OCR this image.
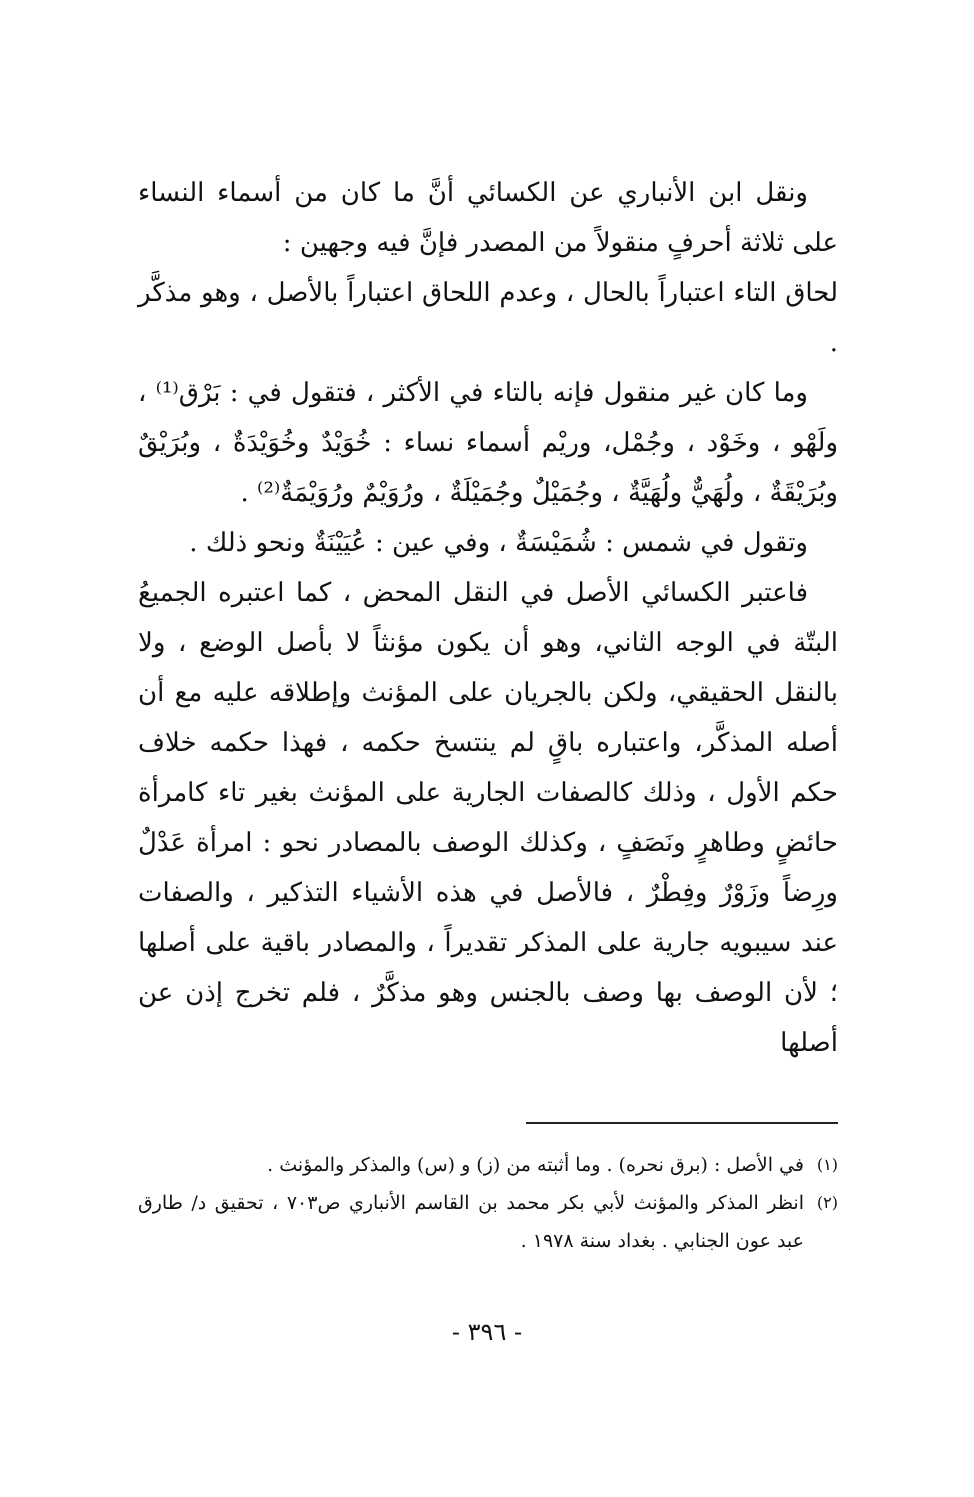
ونقل ابن الأنباري عن الكسائي أنَّ ما كان من أسماء النساء على ثلاثة أحرفٍ منقولاً من المصدر فإنَّ فيه وجهين :

لحاق التاء اعتباراً بالحال ، وعدم اللحاق اعتباراً بالأصل ، وهو مذكَّر .

وما كان غير منقول فإنه بالتاء في الأكثر ، فتقول في : بَرْق⁽¹⁾ ، ولَهْو ، وخَوْد ، وجُمْل، وريْم أسماء نساء : خُوَيْدٌ وخُوَيْدَةٌ ، وبُرَيْقٌ وبُرَيْقَةٌ ، ولُهَيٌّ ولُهَيَّةٌ ، وجُمَيْلٌ وجُمَيْلَةٌ ، ورُوَيْمٌ ورُوَيْمَةٌ⁽²⁾ .

وتقول في شمس : شُمَيْسَةٌ ، وفي عين : عُيَيْنَةٌ ونحو ذلك .

فاعتبر الكسائي الأصل في النقل المحض ، كما اعتبره الجميعُ البتّة في الوجه الثاني، وهو أن يكون مؤنثاً لا بأصل الوضع ، ولا بالنقل الحقيقي، ولكن بالجريان على المؤنث وإطلاقه عليه مع أن أصله المذكَّر، واعتباره باقٍ لم ينتسخ حكمه ، فهذا حكمه خلاف حكم الأول ، وذلك كالصفات الجارية على المؤنث بغير تاء كامرأة حائضٍ وطاهرٍ ونَصَفٍ ، وكذلك الوصف بالمصادر نحو : امرأة عَدْلٌ ورِضاً وزَوْرٌ وفِطْرٌ ، فالأصل في هذه الأشياء التذكير ، والصفات عند سيبويه جارية على المذكر تقديراً ، والمصادر باقية على أصلها ؛ لأن الوصف بها وصف بالجنس وهو مذكَّرٌ ، فلم تخرج إذن عن أصلها

(١)
في الأصل : (برق نحره) . وما أثبته من (ز) و (س) والمذكر والمؤنث .
(٢)
انظر المذكر والمؤنث لأبي بكر محمد بن القاسم الأنباري ص٧٠٣ ، تحقيق د/ طارق عبد عون الجنابي . بغداد سنة ١٩٧٨ .
- ٣٩٦ -
